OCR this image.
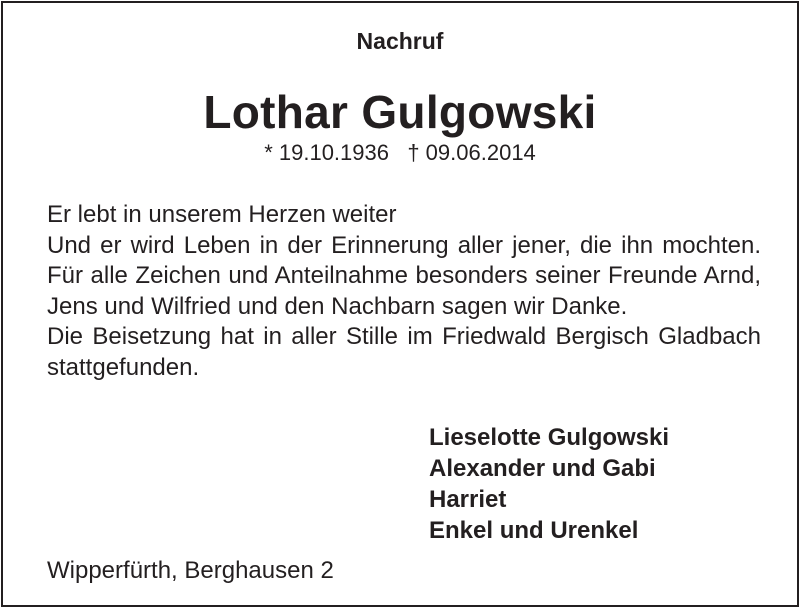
Nachruf
Lothar Gulgowski
* 19.10.1936 † 09.06.2014

Er lebt in unserem Herzen weiter

Und er wird Leben in der Erinnerung aller jener, die ihn mochten. Für alle Zeichen und Anteilnahme besonders seiner Freunde Arnd, Jens und Wilfried und den Nachbarn sagen wir Danke.

Die Beisetzung hat in aller Stille im Friedwald Bergisch Gladbach stattgefunden.

Lieselotte Gulgowski
Alexander und Gabi
Harriet
Enkel und Urenkel
Wipperfürth, Berghausen 2
